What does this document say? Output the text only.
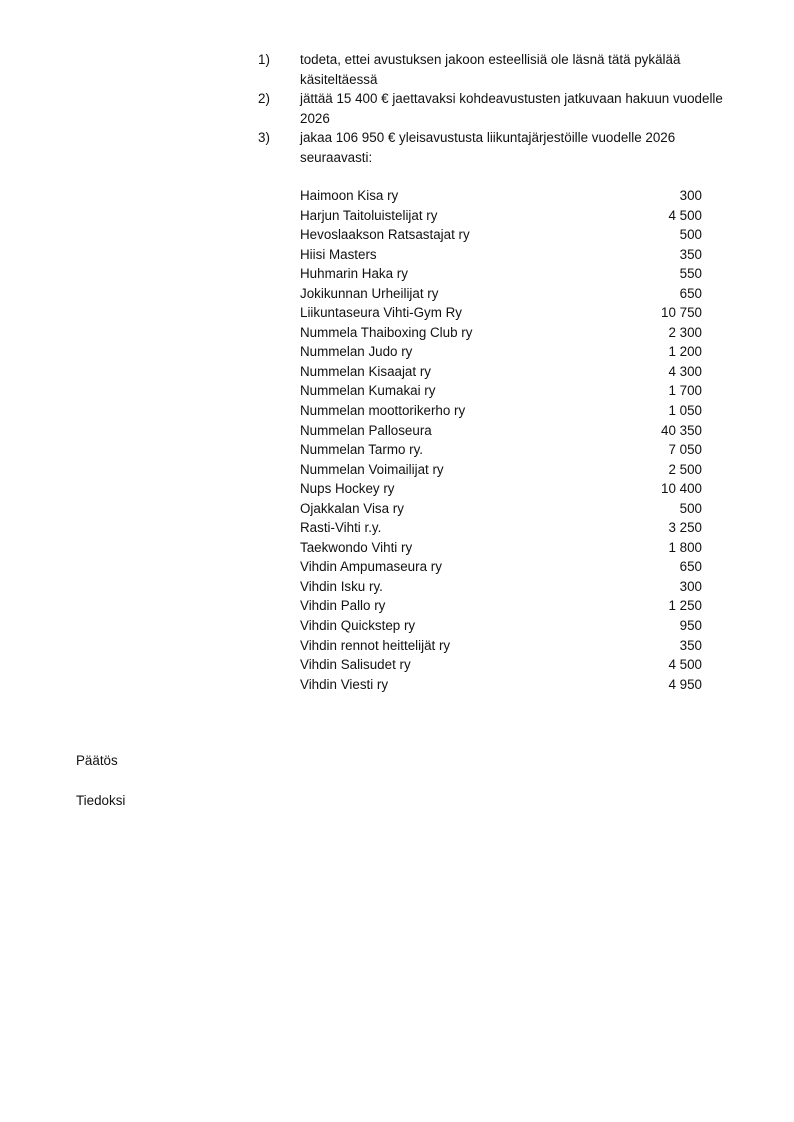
1)	todeta, ettei avustuksen jakoon esteellisiä ole läsnä tätä pykälää käsiteltäessä
2)	jättää 15 400 € jaettavaksi kohdeavustusten jatkuvaan hakuun vuodelle 2026
3)	jakaa 106 950 € yleisavustusta liikuntajärjestöille vuodelle 2026 seuraavasti:
Haimoon Kisa ry	300
Harjun Taitoluistelijat ry	4 500
Hevoslaakson Ratsastajat ry	500
Hiisi Masters	350
Huhmarin Haka ry	550
Jokikunnan Urheilijat ry	650
Liikuntaseura Vihti-Gym Ry	10 750
Nummela Thaiboxing Club ry	2 300
Nummelan Judo ry	1 200
Nummelan Kisaajat ry	4 300
Nummelan Kumakai ry	1 700
Nummelan moottorikerho ry	1 050
Nummelan Palloseura	40 350
Nummelan Tarmo ry.	7 050
Nummelan Voimailijat ry	2 500
Nups Hockey ry	10 400
Ojakkalan Visa ry	500
Rasti-Vihti r.y.	3 250
Taekwondo Vihti ry	1 800
Vihdin Ampumaseura ry	650
Vihdin Isku ry.	300
Vihdin Pallo ry	1 250
Vihdin Quickstep ry	950
Vihdin rennot heittelijät ry	350
Vihdin Salisudet ry	4 500
Vihdin Viesti ry	4 950
Päätös
Tiedoksi
